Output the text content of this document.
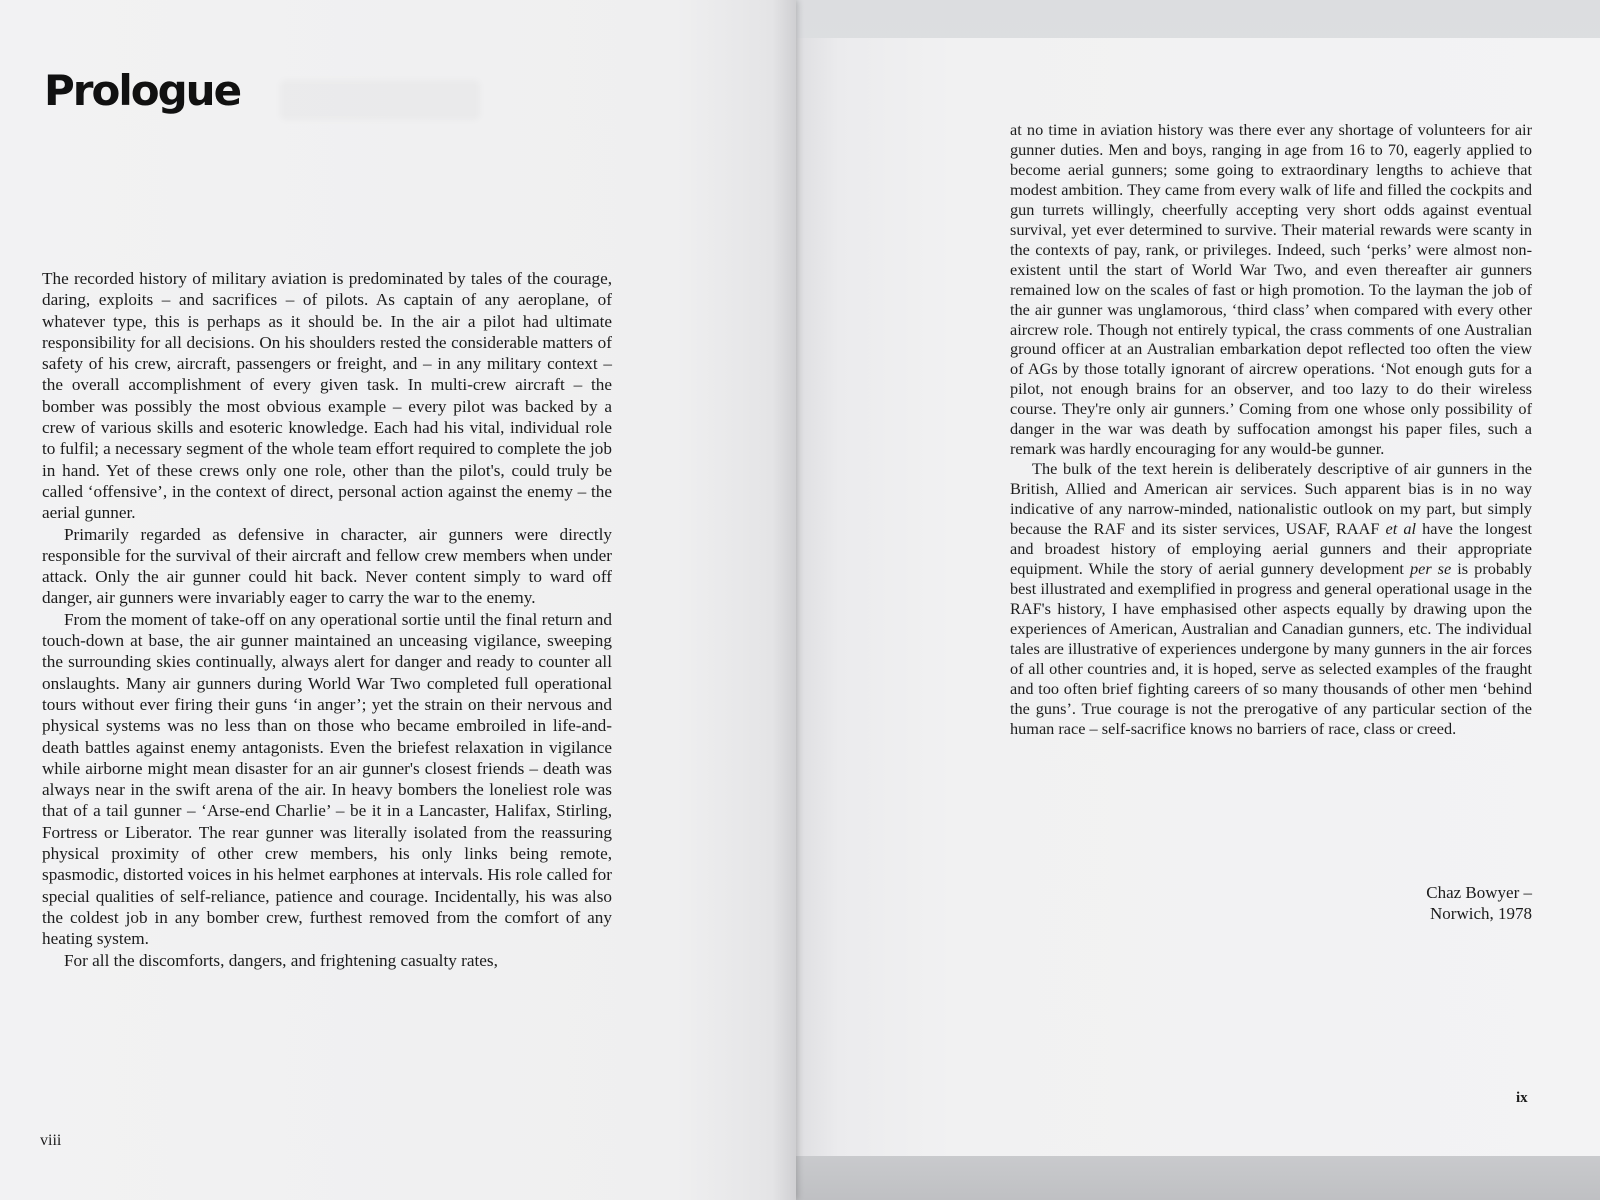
Prologue

The recorded history of military aviation is predominated by tales of the courage, daring, exploits – and sacrifices – of pilots. As captain of any aeroplane, of whatever type, this is perhaps as it should be. In the air a pilot had ultimate responsibility for all decisions. On his shoulders rested the considerable matters of safety of his crew, aircraft, passengers or freight, and – in any military context – the overall accomplishment of every given task. In multi-crew aircraft – the bomber was possibly the most obvious example – every pilot was backed by a crew of various skills and esoteric knowledge. Each had his vital, individual role to fulfil; a necessary segment of the whole team effort required to complete the job in hand. Yet of these crews only one role, other than the pilot's, could truly be called ‘offensive’, in the context of direct, personal action against the enemy – the aerial gunner.

Primarily regarded as defensive in character, air gunners were directly responsible for the survival of their aircraft and fellow crew members when under attack. Only the air gunner could hit back. Never content simply to ward off danger, air gunners were invariably eager to carry the war to the enemy.

From the moment of take-off on any operational sortie until the final return and touch-down at base, the air gunner maintained an unceasing vigilance, sweeping the surrounding skies continually, always alert for danger and ready to counter all onslaughts. Many air gunners during World War Two completed full operational tours without ever firing their guns ‘in anger’; yet the strain on their nervous and physical systems was no less than on those who became embroiled in life-and-death battles against enemy antagonists. Even the briefest relaxation in vigilance while airborne might mean disaster for an air gunner's closest friends – death was always near in the swift arena of the air. In heavy bombers the loneliest role was that of a tail gunner – ‘Arse-end Charlie’ – be it in a Lancaster, Halifax, Stirling, Fortress or Liberator. The rear gunner was literally isolated from the reassuring physical proximity of other crew members, his only links being remote, spasmodic, distorted voices in his helmet earphones at intervals. His role called for special qualities of self-reliance, patience and courage. Incidentally, his was also the coldest job in any bomber crew, furthest removed from the comfort of any heating system.

For all the discomforts, dangers, and frightening casualty rates,

viii

at no time in aviation history was there ever any shortage of volunteers for air gunner duties. Men and boys, ranging in age from 16 to 70, eagerly applied to become aerial gunners; some going to extraordinary lengths to achieve that modest ambition. They came from every walk of life and filled the cockpits and gun turrets willingly, cheerfully accepting very short odds against eventual survival, yet ever determined to survive. Their material rewards were scanty in the contexts of pay, rank, or privileges. Indeed, such ‘perks’ were almost non-existent until the start of World War Two, and even thereafter air gunners remained low on the scales of fast or high promotion. To the layman the job of the air gunner was unglamorous, ‘third class’ when compared with every other aircrew role. Though not entirely typical, the crass comments of one Australian ground officer at an Australian embarkation depot reflected too often the view of AGs by those totally ignorant of aircrew operations. ‘Not enough guts for a pilot, not enough brains for an observer, and too lazy to do their wireless course. They're only air gunners.’ Coming from one whose only possibility of danger in the war was death by suffocation amongst his paper files, such a remark was hardly encouraging for any would-be gunner.

The bulk of the text herein is deliberately descriptive of air gunners in the British, Allied and American air services. Such apparent bias is in no way indicative of any narrow-minded, nationalistic outlook on my part, but simply because the RAF and its sister services, USAF, RAAF et al have the longest and broadest history of employing aerial gunners and their appropriate equipment. While the story of aerial gunnery development per se is probably best illustrated and exemplified in progress and general operational usage in the RAF's history, I have emphasised other aspects equally by drawing upon the experiences of American, Australian and Canadian gunners, etc. The individual tales are illustrative of experiences undergone by many gunners in the air forces of all other countries and, it is hoped, serve as selected examples of the fraught and too often brief fighting careers of so many thousands of other men ‘behind the guns’. True courage is not the prerogative of any particular section of the human race – self-sacrifice knows no barriers of race, class or creed.

Chaz Bowyer –
Norwich, 1978
ix
